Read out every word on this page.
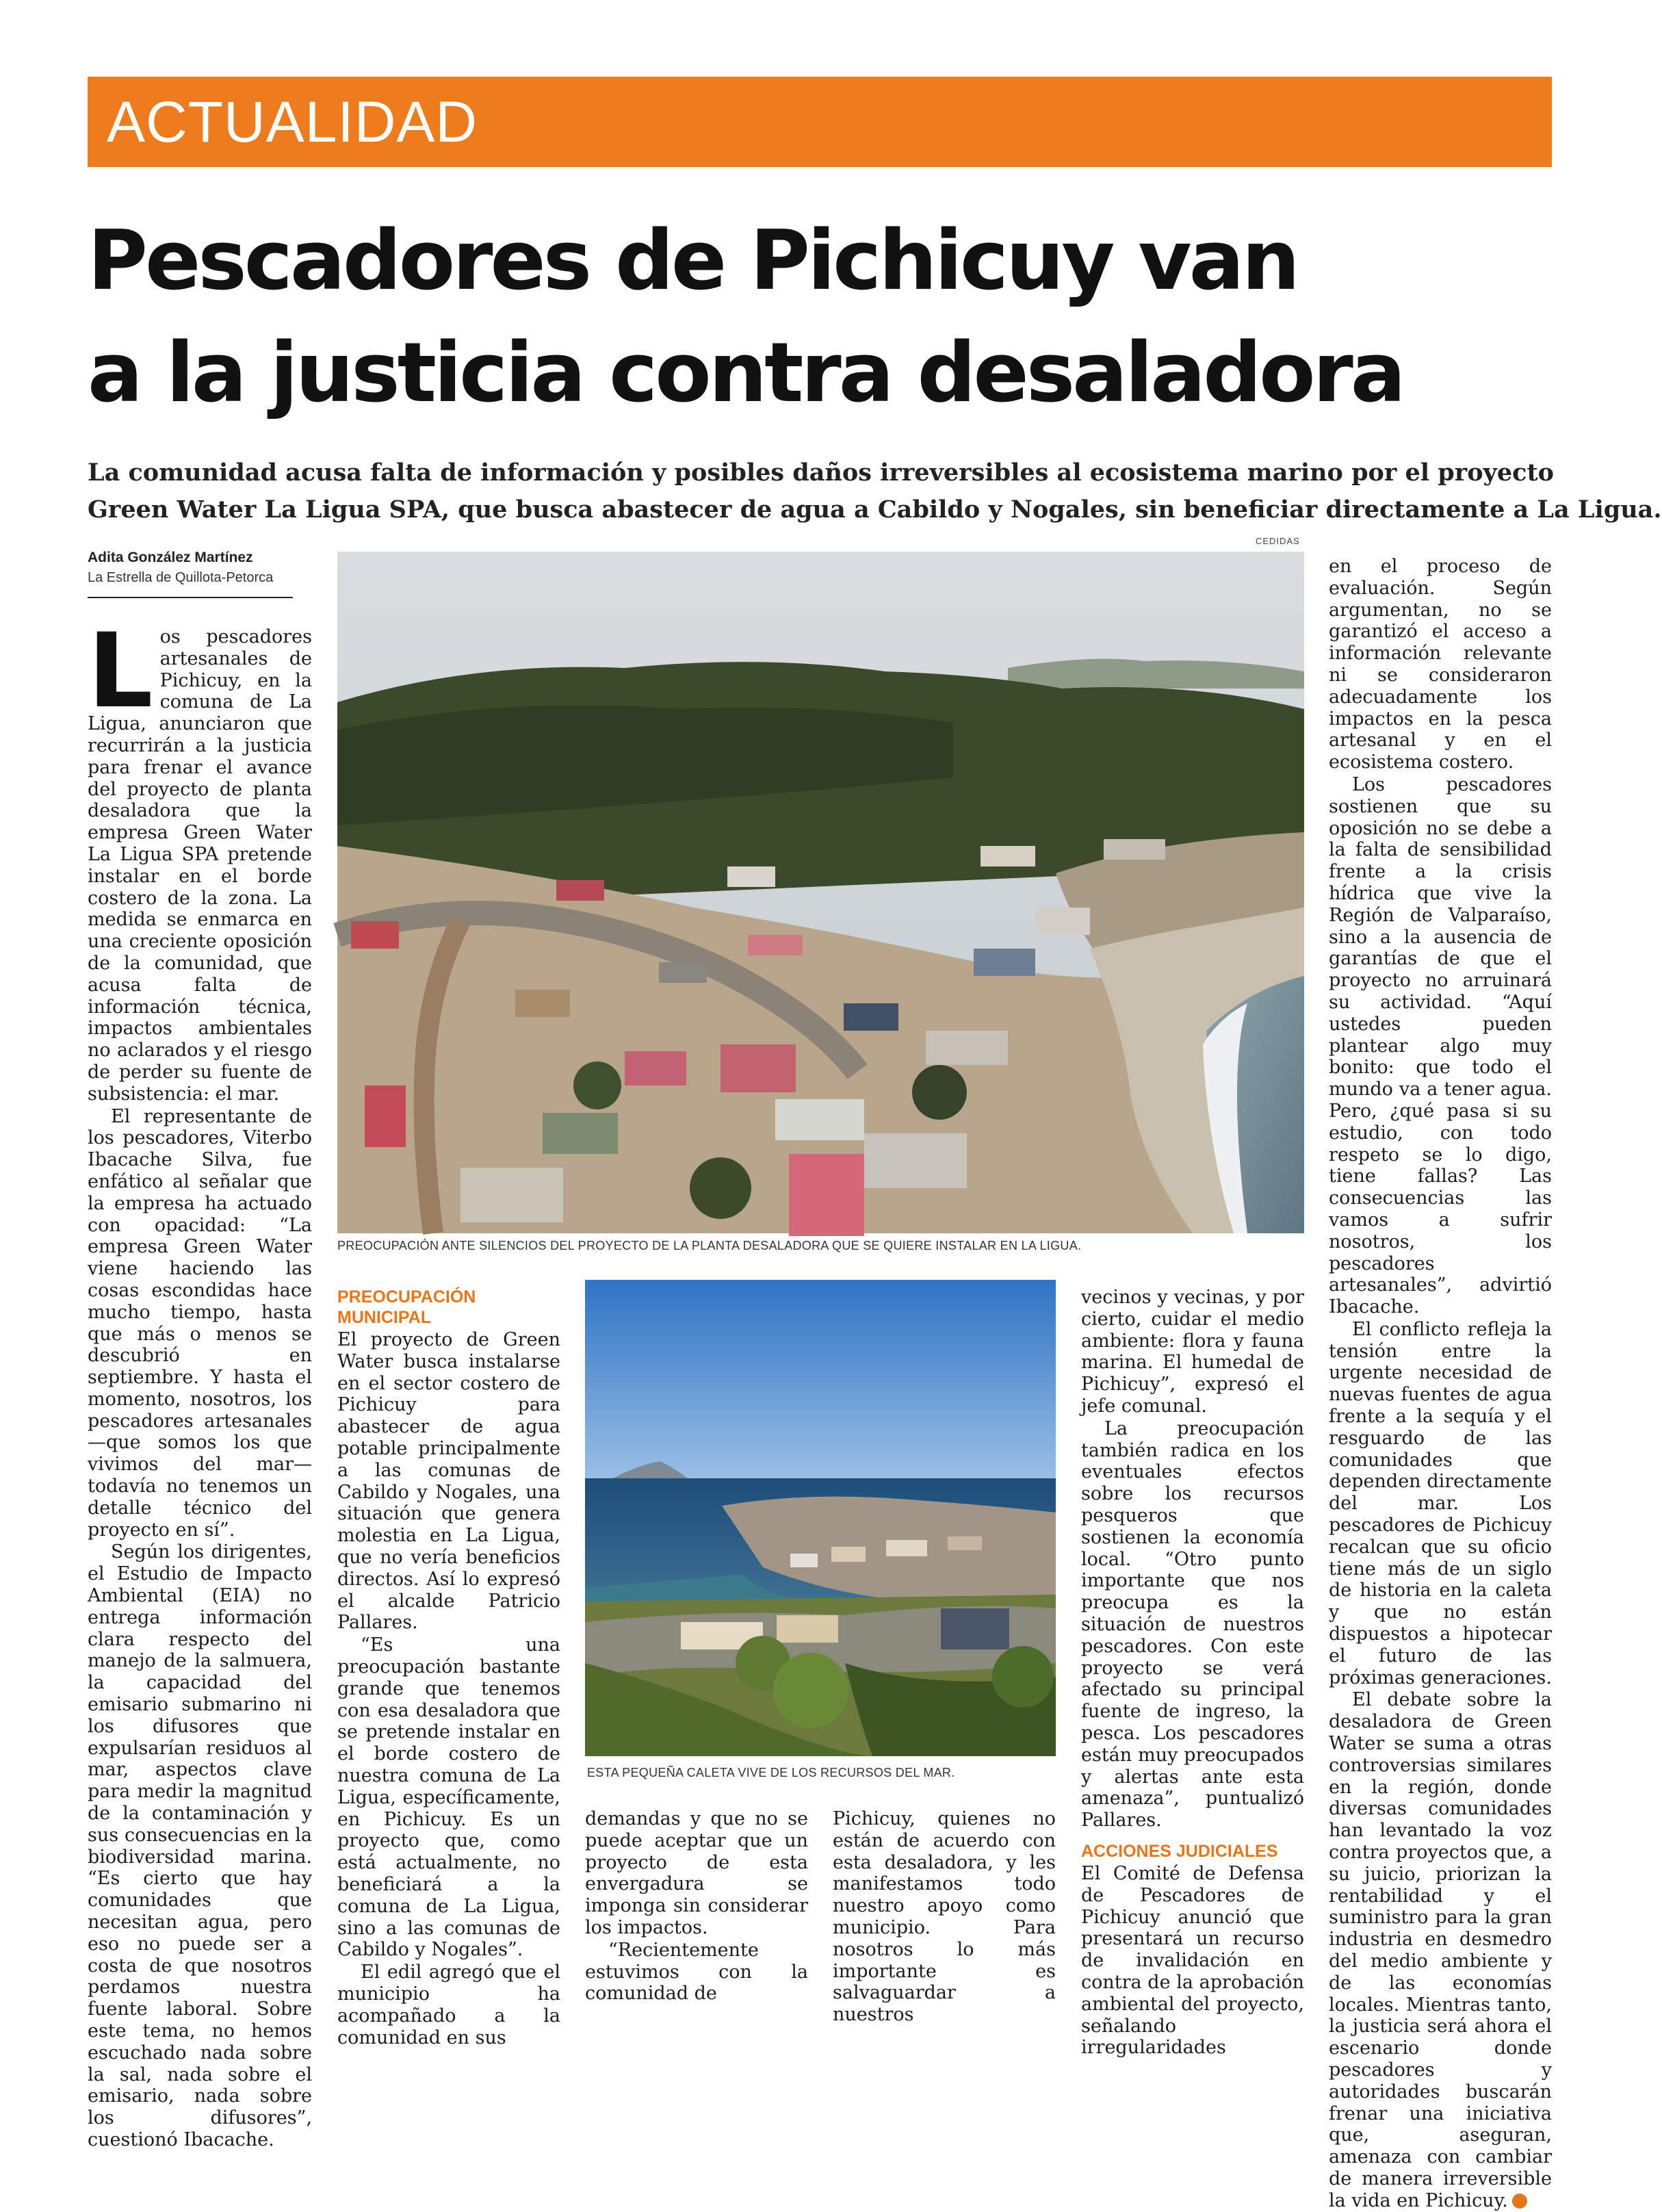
ACTUALIDAD
Pescadores de Pichicuy van
a la justicia contra desaladora

La comunidad acusa falta de información y posibles daños irreversibles al ecosistema marino por el proyecto
Green Water La Ligua SPA, que busca abastecer de agua a Cabildo y Nogales, sin beneficiar directamente a La Ligua.

Adita González Martínez
La Estrella de Quillota-Petorca
CEDIDAS
PREOCUPACIÓN ANTE SILENCIOS DEL PROYECTO DE LA PLANTA DESALADORA QUE SE QUIERE INSTALAR EN LA LIGUA.
ESTA PEQUEÑA CALETA VIVE DE LOS RECURSOS DEL MAR.

Los pescadores artesanales de Pichicuy, en la comuna de La Ligua, anunciaron que recurrirán a la justicia para frenar el avance del proyecto de planta desaladora que la empresa Green Water La Ligua SPA pretende instalar en el borde costero de la zona. La medida se enmarca en una creciente oposición de la comunidad, que acusa falta de información técnica, impactos ambientales no aclarados y el riesgo de perder su fuente de subsistencia: el mar.

El representante de los pescadores, Viterbo Ibacache Silva, fue enfático al señalar que la empresa ha actuado con opacidad: “La empresa Green Water viene haciendo las cosas escondidas hace mucho tiempo, hasta que más o menos se descubrió en septiembre. Y hasta el momento, nosotros, los pescadores artesanales —que somos los que vivimos del mar— todavía no tenemos un detalle técnico del proyecto en sí”.

Según los dirigentes, el Estudio de Impacto Ambiental (EIA) no entrega información clara respecto del manejo de la salmuera, la capacidad del emisario submarino ni los difusores que expulsarían residuos al mar, aspectos clave para medir la magnitud de la contaminación y sus consecuencias en la biodiversidad marina. “Es cierto que hay comunidades que necesitan agua, pero eso no puede ser a costa de que nosotros perdamos nuestra fuente laboral. Sobre este tema, no hemos escuchado nada sobre la sal, nada sobre el emisario, nada sobre los difusores”, cuestionó Ibacache.

PREOCUPACIÓN
MUNICIPAL

El proyecto de Green Water busca instalarse en el sector costero de Pichicuy para abastecer de agua potable principalmente a las comunas de Cabildo y Nogales, una situación que genera molestia en La Ligua, que no vería beneficios directos. Así lo expresó el alcalde Patricio Pallares.

“Es una preocupación bastante grande que tenemos con esa desaladora que se pretende instalar en el borde costero de nuestra comuna de La Ligua, específicamente, en Pichicuy. Es un proyecto que, como está actualmente, no beneficiará a la comuna de La Ligua, sino a las comunas de Cabildo y Nogales”.

El edil agregó que el municipio ha acompañado a la comunidad en sus

demandas y que no se puede aceptar que un proyecto de esta envergadura se imponga sin considerar los impactos.

“Recientemente estuvimos con la comunidad de

Pichicuy, quienes no están de acuerdo con esta desaladora, y les manifestamos todo nuestro apoyo como municipio. Para nosotros lo más importante es salvaguardar a nuestros

vecinos y vecinas, y por cierto, cuidar el medio ambiente: flora y fauna marina. El humedal de Pichicuy”, expresó el jefe comunal.

La preocupación también radica en los eventuales efectos sobre los recursos pesqueros que sostienen la economía local. “Otro punto importante que nos preocupa es la situación de nuestros pescadores. Con este proyecto se verá afectado su principal fuente de ingreso, la pesca. Los pescadores están muy preocupados y alertas ante esta amenaza”, puntualizó Pallares.

ACCIONES JUDICIALES

El Comité de Defensa de Pescadores de Pichicuy anunció que presentará un recurso de invalidación en contra de la aprobación ambiental del proyecto, señalando irregularidades

en el proceso de evaluación. Según argumentan, no se garantizó el acceso a información relevante ni se consideraron adecuadamente los impactos en la pesca artesanal y en el ecosistema costero.

Los pescadores sostienen que su oposición no se debe a la falta de sensibilidad frente a la crisis hídrica que vive la Región de Valparaíso, sino a la ausencia de garantías de que el proyecto no arruinará su actividad. “Aquí ustedes pueden plantear algo muy bonito: que todo el mundo va a tener agua. Pero, ¿qué pasa si su estudio, con todo respeto se lo digo, tiene fallas? Las consecuencias las vamos a sufrir nosotros, los pescadores artesanales”, advirtió Ibacache.

El conflicto refleja la tensión entre la urgente necesidad de nuevas fuentes de agua frente a la sequía y el resguardo de las comunidades que dependen directamente del mar. Los pescadores de Pichicuy recalcan que su oficio tiene más de un siglo de historia en la caleta y que no están dispuestos a hipotecar el futuro de las próximas generaciones.

El debate sobre la desaladora de Green Water se suma a otras controversias similares en la región, donde diversas comunidades han levantado la voz contra proyectos que, a su juicio, priorizan la rentabilidad y el suministro para la gran industria en desmedro del medio ambiente y de las economías locales. Mientras tanto, la justicia será ahora el escenario donde pescadores y autoridades buscarán frenar una iniciativa que, aseguran, amenaza con cambiar de manera irreversible la vida en Pichicuy.	✦
